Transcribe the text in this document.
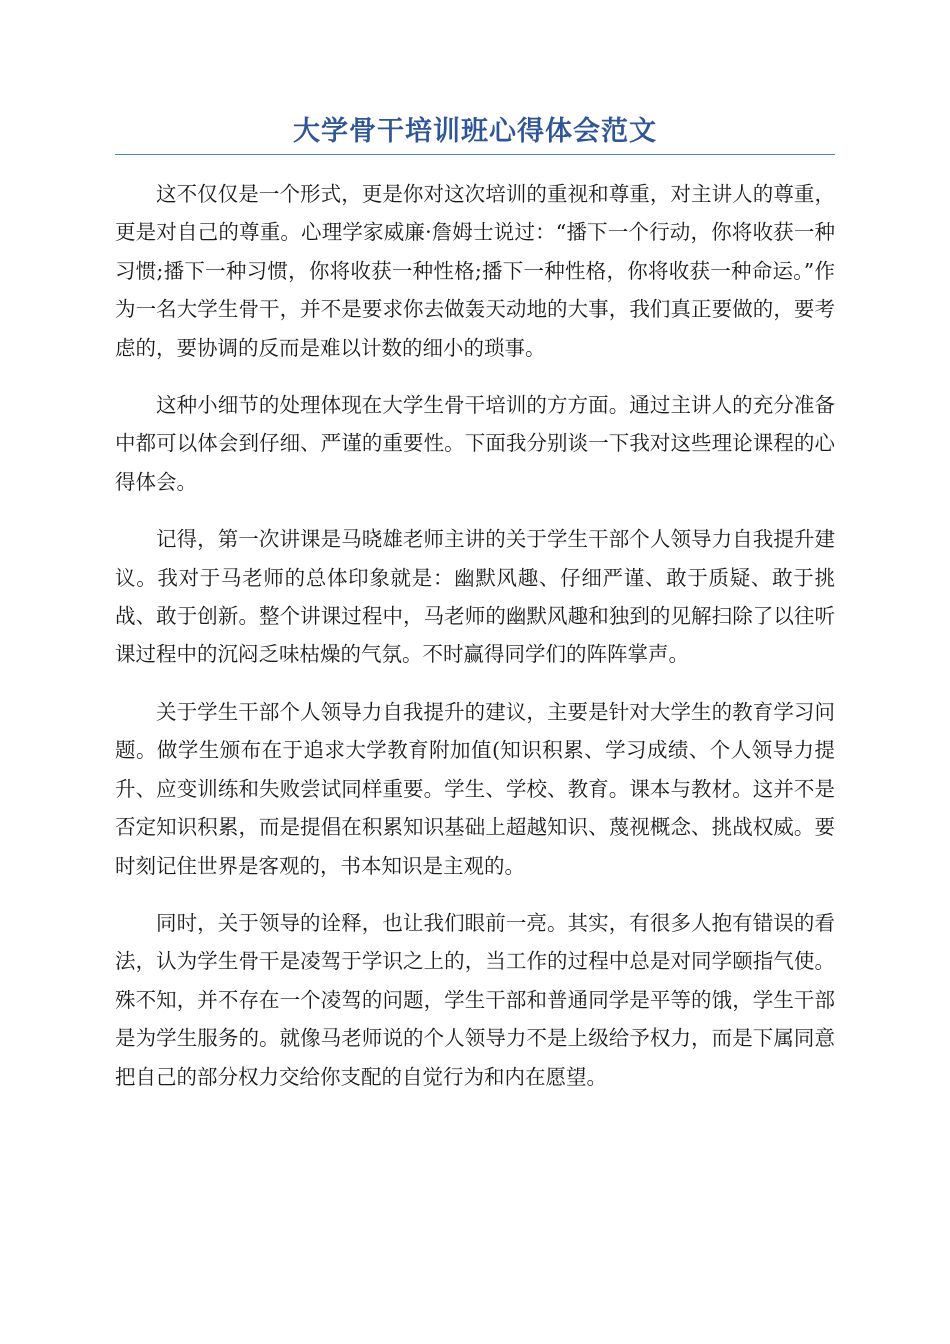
大学骨干培训班心得体会范文

这不仅仅是一个形式，更是你对这次培训的重视和尊重，对主讲人的尊重，更是对自己的尊重。心理学家威廉·詹姆士说过：“播下一个行动，你将收获一种习惯;播下一种习惯，你将收获一种性格;播下一种性格，你将收获一种命运。”作为一名大学生骨干，并不是要求你去做轰天动地的大事，我们真正要做的，要考虑的，要协调的反而是难以计数的细小的琐事。

这种小细节的处理体现在大学生骨干培训的方方面。通过主讲人的充分准备中都可以体会到仔细、严谨的重要性。下面我分别谈一下我对这些理论课程的心得体会。

记得，第一次讲课是马晓雄老师主讲的关于学生干部个人领导力自我提升建议。我对于马老师的总体印象就是：幽默风趣、仔细严谨、敢于质疑、敢于挑战、敢于创新。整个讲课过程中，马老师的幽默风趣和独到的见解扫除了以往听课过程中的沉闷乏味枯燥的气氛。不时赢得同学们的阵阵掌声。

关于学生干部个人领导力自我提升的建议，主要是针对大学生的教育学习问题。做学生颁布在于追求大学教育附加值(知识积累、学习成绩、个人领导力提升、应变训练和失败尝试同样重要。学生、学校、教育。课本与教材。这并不是否定知识积累，而是提倡在积累知识基础上超越知识、蔑视概念、挑战权威。要时刻记住世界是客观的，书本知识是主观的。

同时，关于领导的诠释，也让我们眼前一亮。其实，有很多人抱有错误的看法，认为学生骨干是凌驾于学识之上的，当工作的过程中总是对同学颐指气使。殊不知，并不存在一个凌驾的问题，学生干部和普通同学是平等的饿，学生干部是为学生服务的。就像马老师说的个人领导力不是上级给予权力，而是下属同意把自己的部分权力交给你支配的自觉行为和内在愿望。
